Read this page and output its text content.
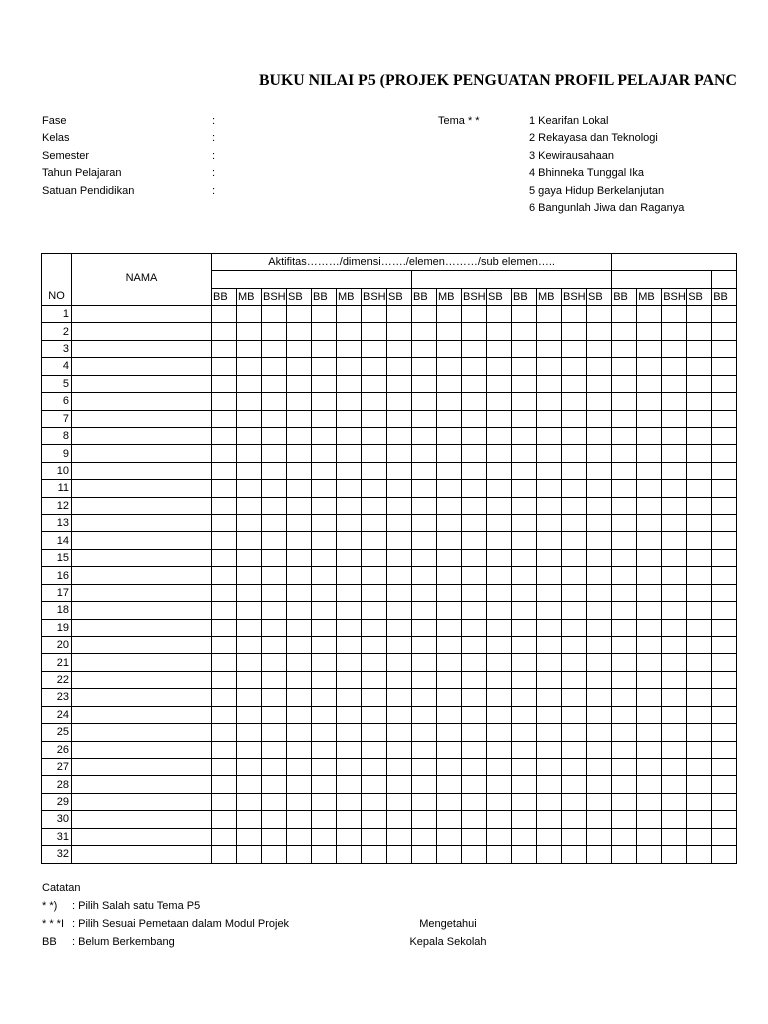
BUKU NILAI P5 (PROJEK PENGUATAN PROFIL PELAJAR PANC
Fase	:
Kelas	:
Semester	:
Tahun Pelajaran	:
Satuan Pendidikan	:
Tema * *	1 Kearifan Lokal
2 Rekayasa dan Teknologi
3 Kewirausahaan
4 Bhinneka Tunggal Ika
5 gaya Hidup Berkelanjutan
6 Bangunlah Jiwa dan Raganya
NO	NAMA	Aktifitas………/dimensi……./elemen………/sub elemen…..																				

		BB	MB	BSH	SB	BB	MB	BSH	SB	BB	MB	BSH	SB	BB	MB	BSH	SB	BB	MB	BSH	SB	BB
1																						
2																						
3																						
4																						
5																						
6																						
7																						
8																						
9																						
10																						
11																						
12																						
13																						
14																						
15																						
16																						
17																						
18																						
19																						
20																						
21																						
22																						
23																						
24																						
25																						
26																						
27																						
28																						
29																						
30																						
31																						
32																						
Catatan
* *) : Pilih Salah satu Tema P5
* * *I : Pilih Sesuai Pemetaan dalam Modul Projek
BB : Belum Berkembang
Mengetahui
Kepala Sekolah
